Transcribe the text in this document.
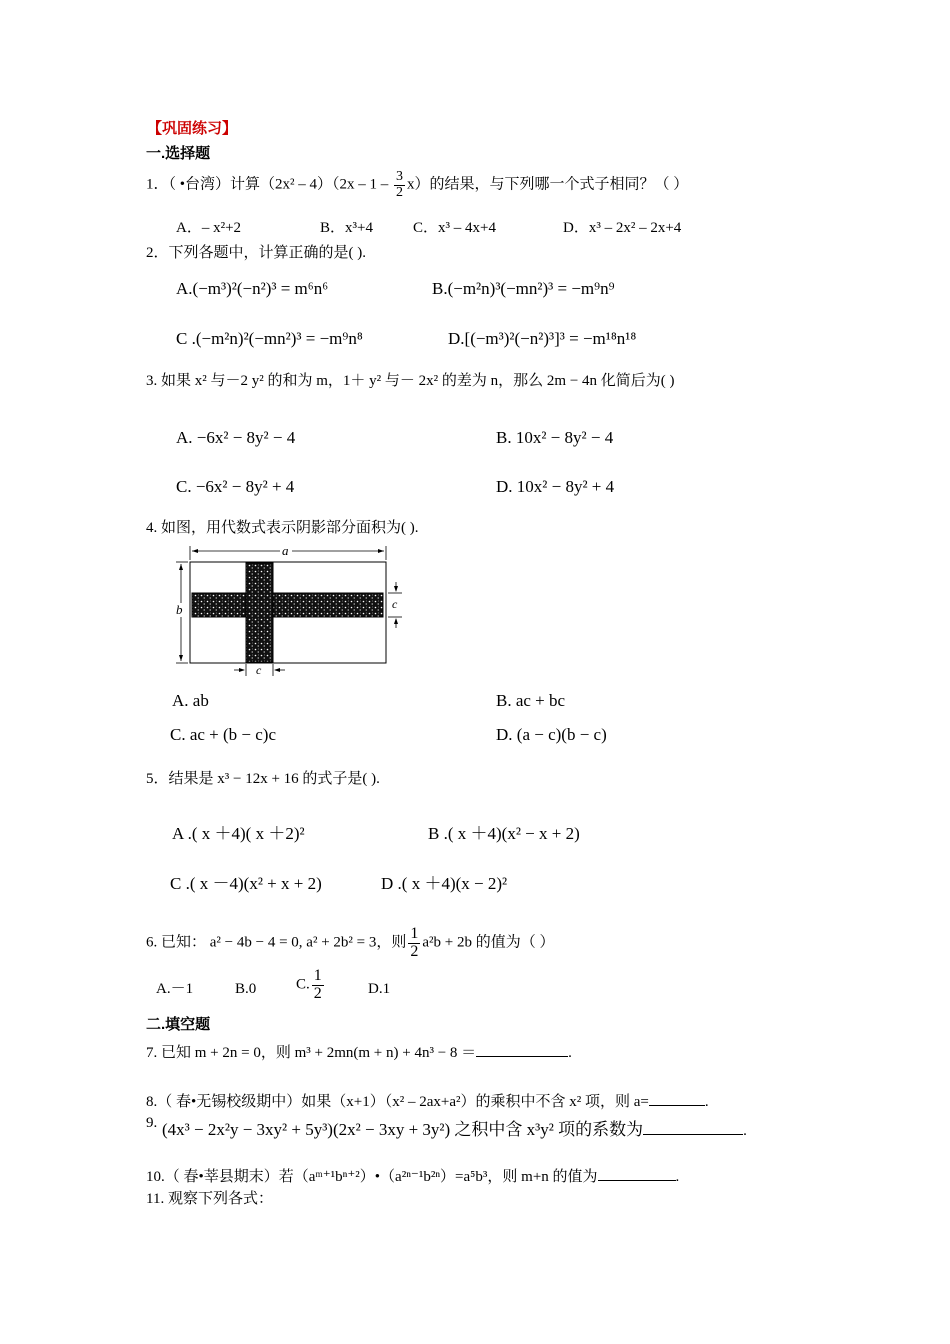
【巩固练习】
一.选择题
1．（ •台湾）计算$(2x^2 - 4)(2x - 1 - \frac{3}{2} x)$的结果，与下列哪一个式子相同？（ ）
A．– x²+2	B．x³+4	C．x³ – 4x+4	D．x³ – 2x² – 2x+4
2．下列各题中，计算正确的是( ).
A.(−m³)²(−n²)³ = m⁶n⁶	B.(−m²n)³(−mn²)³ = −m⁹n⁹
C .(−m²n)²(−mn²)³ = −m⁹n⁸	D.[(−m³)²(−n²)³]³ = −m¹⁸n¹⁸
3. 如果 x² 与－2 y² 的和为 m，1＋ y² 与－ 2x² 的差为 n，那么 2m − 4n 化简后为( )
A. −6x² − 8y² − 4	B. 10x² − 8y² − 4
C. −6x² − 8y² + 4	D. 10x² − 8y² + 4
4. 如图，用代数式表示阴影部分面积为( ).
a
b	c
c
A. ab	B. ac + bc
C. ac + (b − c)c	D. (a − c)(b − c)
5．结果是 x³ − 12x + 16 的式子是( ).
A .( x ＋4)( x ＋2)²	B .( x ＋4)(x² − x + 2)
C .( x －4)(x² + x + 2)	D .( x ＋4)(x − 2)²
6. 已知： a² − 4b − 4 = 0, a² + 2b² = 3，则 $\frac{1}{2} a^2b + 2b$ 的值为（ ）
A.－1	B.0	C. $\frac{1}{2}$	D.1
二.填空题
7. 已知 m + 2n = 0，则 m³ + 2mn(m + n) + 4n³ − 8 ＝	.
8.（ 春•无锡校级期中）如果（x+1）（x² – 2ax+a²）的乘积中不含 x² 项，则 a=	.
9. (4x³ − 2x²y − 3xy² + 5y³)(2x² − 3xy + 3y²) 之积中含 x³y² 项的系数为	.
10.（ 春•莘县期末）若（aᵐ⁺¹bⁿ⁺²）•（a²ⁿ⁻¹b²ⁿ）=a⁵b³，则 m+n 的值为	.
11. 观察下列各式：
